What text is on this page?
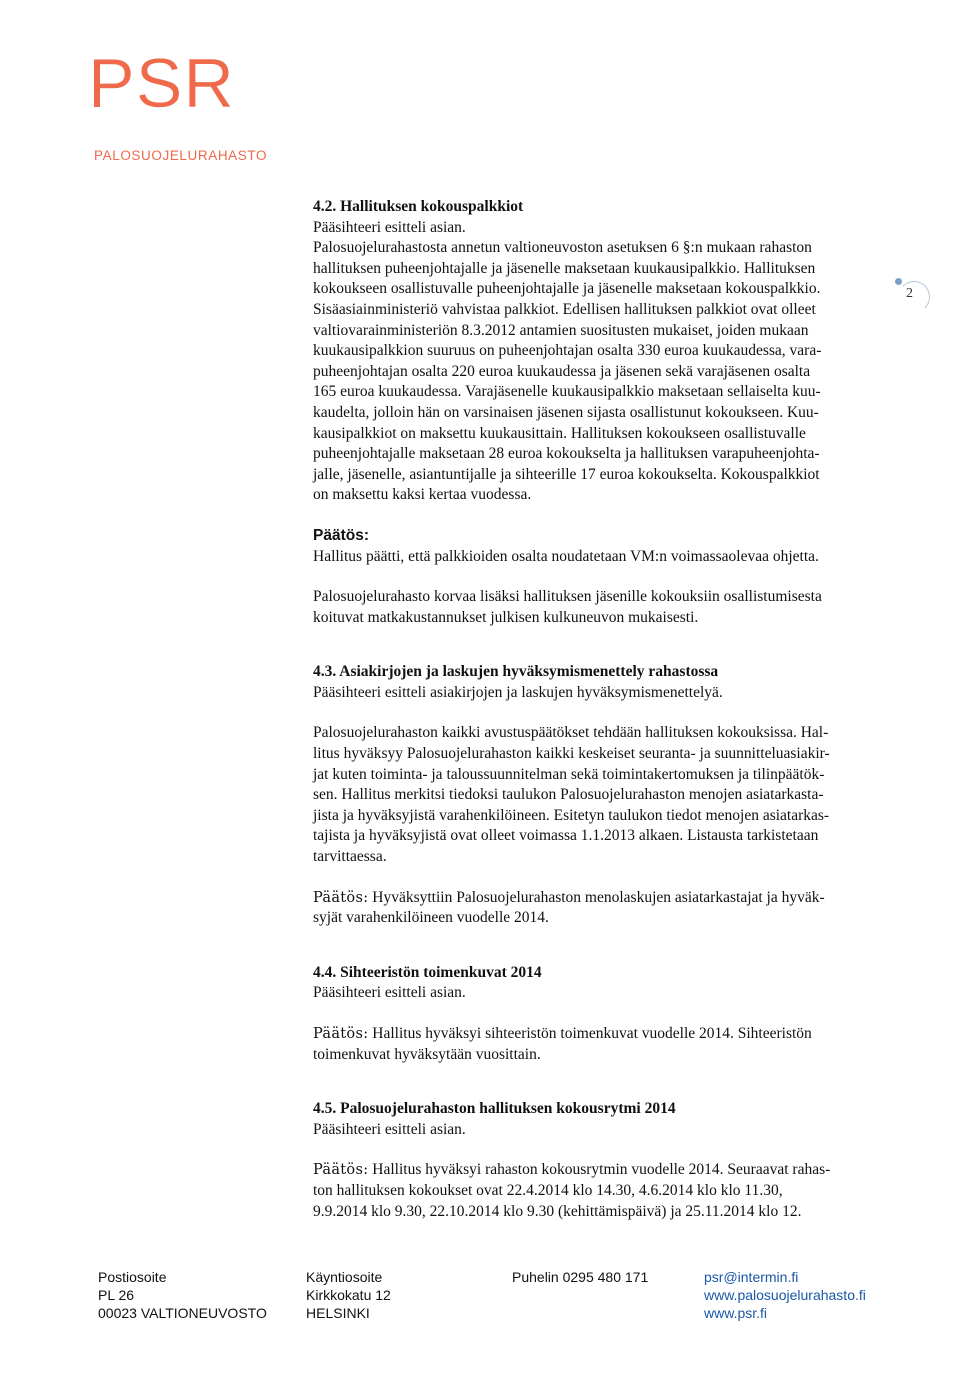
PSR
PALOSUOJELURAHASTO
2
4.2. Hallituksen kokouspalkkiot
Pääsihteeri esitteli asian.
Palosuojelurahastosta annetun valtioneuvoston asetuksen 6 §:n mukaan rahaston
hallituksen puheenjohtajalle ja jäsenelle maksetaan kuukausipalkkio. Hallituksen
kokoukseen osallistuvalle puheenjohtajalle ja jäsenelle maksetaan kokouspalkkio.
Sisäasiainministeriö vahvistaa palkkiot. Edellisen hallituksen palkkiot ovat olleet
valtiovarainministeriön 8.3.2012 antamien suositusten mukaiset, joiden mukaan
kuukausipalkkion suuruus on puheenjohtajan osalta 330 euroa kuukaudessa, vara-
puheenjohtajan osalta 220 euroa kuukaudessa ja jäsenen sekä varajäsenen osalta
165 euroa kuukaudessa. Varajäsenelle kuukausipalkkio maksetaan sellaiselta kuu-
kaudelta, jolloin hän on varsinaisen jäsenen sijasta osallistunut kokoukseen. Kuu-
kausipalkkiot on maksettu kuukausittain. Hallituksen kokoukseen osallistuvalle
puheenjohtajalle maksetaan 28 euroa kokoukselta ja hallituksen varapuheenjohta-
jalle, jäsenelle, asiantuntijalle ja sihteerille 17 euroa kokoukselta. Kokouspalkkiot
on maksettu kaksi kertaa vuodessa.
Päätös:
Hallitus päätti, että palkkioiden osalta noudatetaan VM:n voimassaolevaa ohjetta.
Palosuojelurahasto korvaa lisäksi hallituksen jäsenille kokouksiin osallistumisesta
koituvat matkakustannukset julkisen kulkuneuvon mukaisesti.
4.3. Asiakirjojen ja laskujen hyväksymismenettely rahastossa
Pääsihteeri esitteli asiakirjojen ja laskujen hyväksymismenettelyä.
Palosuojelurahaston kaikki avustuspäätökset tehdään hallituksen kokouksissa. Hal-
litus hyväksyy Palosuojelurahaston kaikki keskeiset seuranta- ja suunnitteluasiakir-
jat kuten toiminta- ja taloussuunnitelman sekä toimintakertomuksen ja tilinpäätök-
sen. Hallitus merkitsi tiedoksi taulukon Palosuojelurahaston menojen asiatarkasta-
jista ja hyväksyjistä varahenkilöineen. Esitetyn taulukon tiedot menojen asiatarkas-
tajista ja hyväksyjistä ovat olleet voimassa 1.1.2013 alkaen. Listausta tarkistetaan
tarvittaessa.
Päätös: Hyväksyttiin Palosuojelurahaston menolaskujen asiatarkastajat ja hyväk-
syjät varahenkilöineen vuodelle 2014.
4.4. Sihteeristön toimenkuvat 2014
Pääsihteeri esitteli asian.
Päätös: Hallitus hyväksyi sihteeristön toimenkuvat vuodelle 2014. Sihteeristön
toimenkuvat hyväksytään vuosittain.
4.5. Palosuojelurahaston hallituksen kokousrytmi 2014
Pääsihteeri esitteli asian.
Päätös: Hallitus hyväksyi rahaston kokousrytmin vuodelle 2014. Seuraavat rahas-
ton hallituksen kokoukset ovat 22.4.2014 klo 14.30, 4.6.2014 klo klo 11.30,
9.9.2014 klo 9.30, 22.10.2014 klo 9.30 (kehittämispäivä) ja 25.11.2014 klo 12.
Postiosoite
PL 26
00023 VALTIONEUVOSTO
Käyntiosoite
Kirkkokatu 12
HELSINKI
Puhelin 0295 480 171	psr@intermin.fi
www.palosuojelurahasto.fi
www.psr.fi
